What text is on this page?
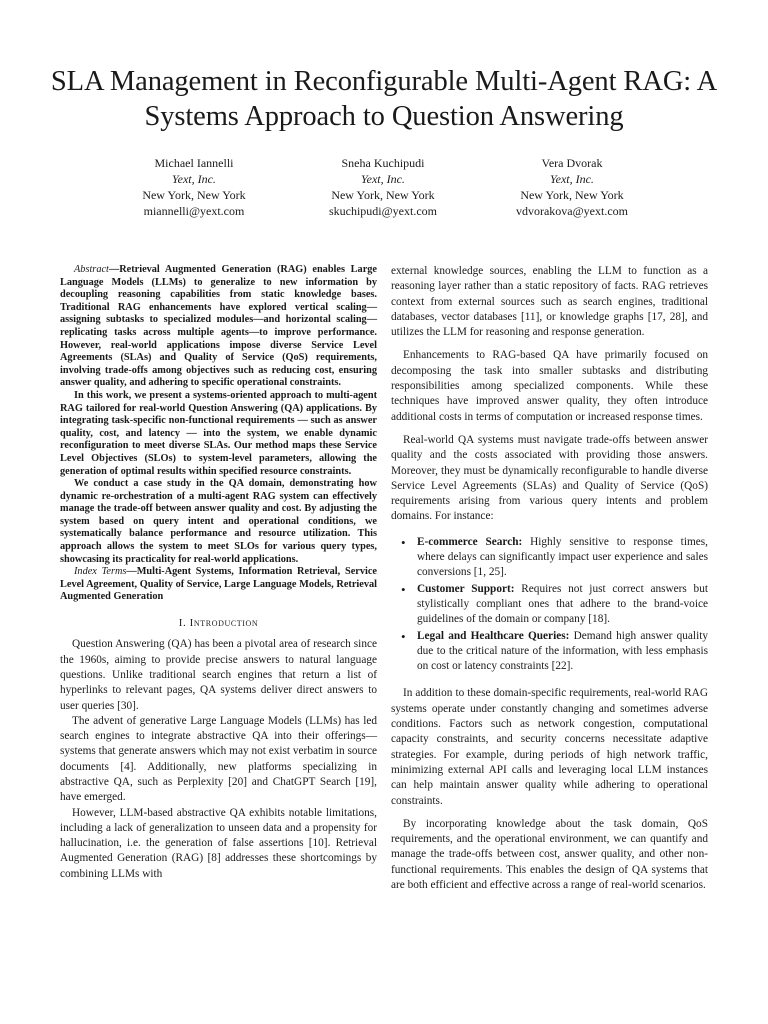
SLA Management in Reconfigurable Multi-Agent RAG: A Systems Approach to Question Answering
Michael Iannelli
Yext, Inc.
New York, New York
miannelli@yext.com
Sneha Kuchipudi
Yext, Inc.
New York, New York
skuchipudi@yext.com
Vera Dvorak
Yext, Inc.
New York, New York
vdvorakova@yext.com

Abstract—Retrieval Augmented Generation (RAG) enables Large Language Models (LLMs) to generalize to new information by decoupling reasoning capabilities from static knowledge bases. Traditional RAG enhancements have explored vertical scaling—assigning subtasks to specialized modules—and horizontal scaling—replicating tasks across multiple agents—to improve performance. However, real-world applications impose diverse Service Level Agreements (SLAs) and Quality of Service (QoS) requirements, involving trade-offs among objectives such as reducing cost, ensuring answer quality, and adhering to specific operational constraints.

In this work, we present a systems-oriented approach to multi-agent RAG tailored for real-world Question Answering (QA) applications. By integrating task-specific non-functional requirements — such as answer quality, cost, and latency — into the system, we enable dynamic reconfiguration to meet diverse SLAs. Our method maps these Service Level Objectives (SLOs) to system-level parameters, allowing the generation of optimal results within specified resource constraints.

We conduct a case study in the QA domain, demonstrating how dynamic re-orchestration of a multi-agent RAG system can effectively manage the trade-off between answer quality and cost. By adjusting the system based on query intent and operational conditions, we systematically balance performance and resource utilization. This approach allows the system to meet SLOs for various query types, showcasing its practicality for real-world applications.

Index Terms—Multi-Agent Systems, Information Retrieval, Service Level Agreement, Quality of Service, Large Language Models, Retrieval Augmented Generation

I. Introduction

Question Answering (QA) has been a pivotal area of research since the 1960s, aiming to provide precise answers to natural language questions. Unlike traditional search engines that return a list of hyperlinks to relevant pages, QA systems deliver direct answers to user queries [30].

The advent of generative Large Language Models (LLMs) has led search engines to integrate abstractive QA into their offerings—systems that generate answers which may not exist verbatim in source documents [4]. Additionally, new platforms specializing in abstractive QA, such as Perplexity [20] and ChatGPT Search [19], have emerged.

However, LLM-based abstractive QA exhibits notable limitations, including a lack of generalization to unseen data and a propensity for hallucination, i.e. the generation of false assertions [10]. Retrieval Augmented Generation (RAG) [8] addresses these shortcomings by combining LLMs with

external knowledge sources, enabling the LLM to function as a reasoning layer rather than a static repository of facts. RAG retrieves context from external sources such as search engines, traditional databases, vector databases [11], or knowledge graphs [17, 28], and utilizes the LLM for reasoning and response generation.

Enhancements to RAG-based QA have primarily focused on decomposing the task into smaller subtasks and distributing responsibilities among specialized components. While these techniques have improved answer quality, they often introduce additional costs in terms of computation or increased response times.

Real-world QA systems must navigate trade-offs between answer quality and the costs associated with providing those answers. Moreover, they must be dynamically reconfigurable to handle diverse Service Level Agreements (SLAs) and Quality of Service (QoS) requirements arising from various query intents and problem domains. For instance:

• E-commerce Search: Highly sensitive to response times, where delays can significantly impact user experience and sales conversions [1, 25].
• Customer Support: Requires not just correct answers but stylistically compliant ones that adhere to the brand-voice guidelines of the domain or company [18].
• Legal and Healthcare Queries: Demand high answer quality due to the critical nature of the information, with less emphasis on cost or latency constraints [22].

In addition to these domain-specific requirements, real-world RAG systems operate under constantly changing and sometimes adverse conditions. Factors such as network congestion, computational capacity constraints, and security concerns necessitate adaptive strategies. For example, during periods of high network traffic, minimizing external API calls and leveraging local LLM instances can help maintain answer quality while adhering to operational constraints.

By incorporating knowledge about the task domain, QoS requirements, and the operational environment, we can quantify and manage the trade-offs between cost, answer quality, and other non-functional requirements. This enables the design of QA systems that are both efficient and effective across a range of real-world scenarios.
